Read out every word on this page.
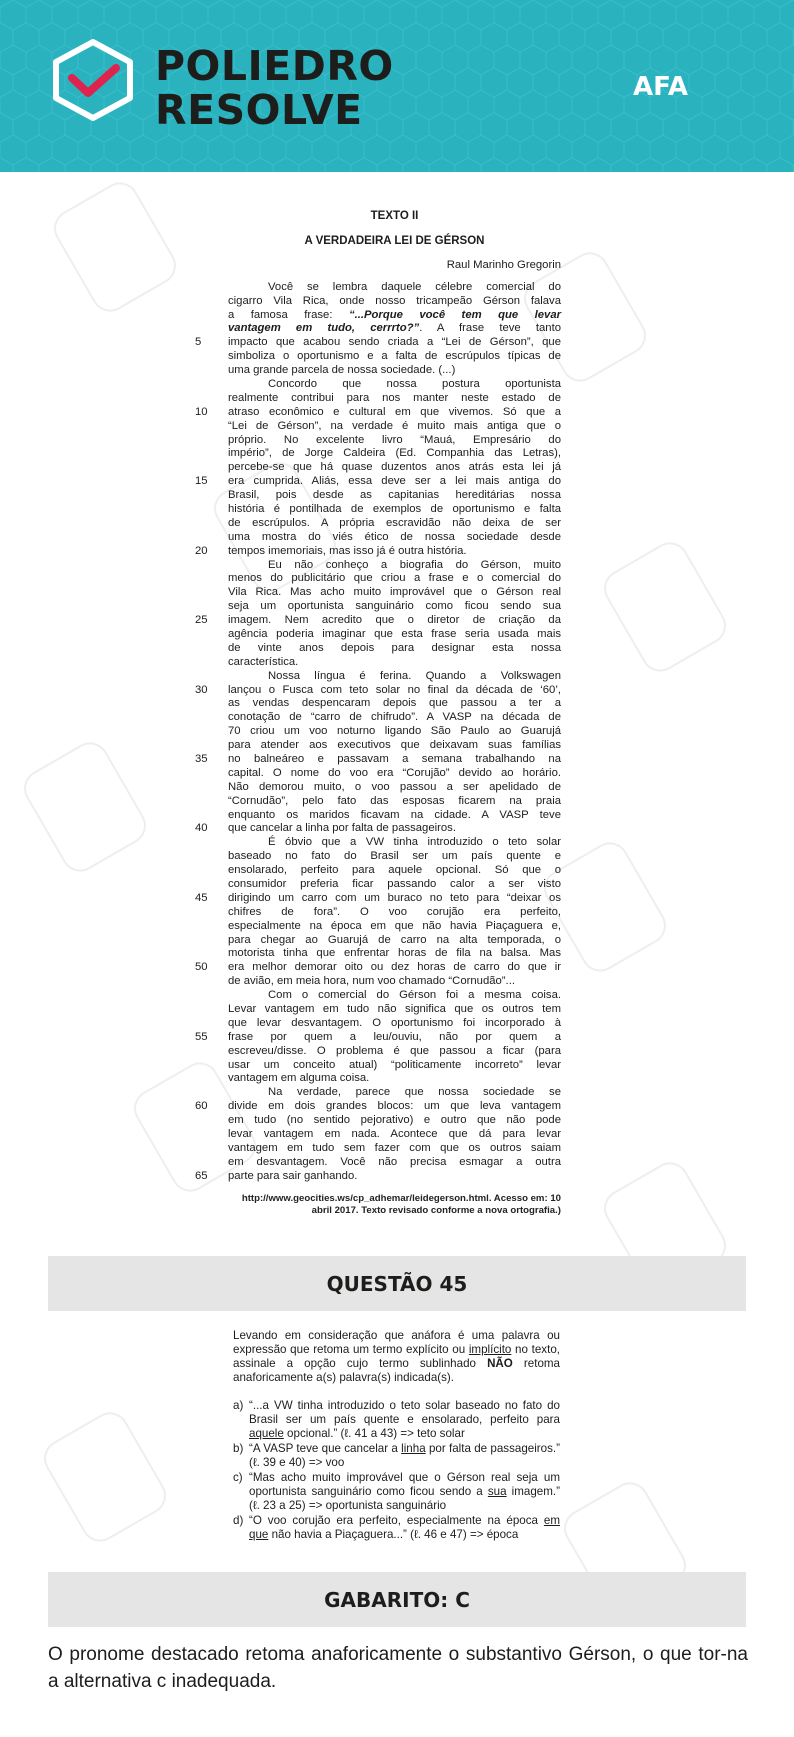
POLIEDRO
RESOLVE	AFA
TEXTO II
A VERDADEIRA LEI DE GÉRSON
Raul Marinho Gregorin
Você se lembra daquele célebre comercial do
cigarro Vila Rica, onde nosso tricampeão Gérson falava
a famosa frase: “...Porque você tem que levar
vantagem em tudo, cerrrto?”. A frase teve tanto
5	impacto que acabou sendo criada a “Lei de Gérson”, que
simboliza o oportunismo e a falta de escrúpulos típicas de
uma grande parcela de nossa sociedade. (...)
Concordo que nossa postura oportunista
realmente contribui para nos manter neste estado de
10	atraso econômico e cultural em que vivemos. Só que a
“Lei de Gérson”, na verdade é muito mais antiga que o
próprio. No excelente livro “Mauá, Empresário do
império”, de Jorge Caldeira (Ed. Companhia das Letras),
percebe-se que há quase duzentos anos atrás esta lei já
15	era cumprida. Aliás, essa deve ser a lei mais antiga do
Brasil, pois desde as capitanias hereditárias nossa
história é pontilhada de exemplos de oportunismo e falta
de escrúpulos. A própria escravidão não deixa de ser
uma mostra do viés ético de nossa sociedade desde
20	tempos imemoriais, mas isso já é outra história.
Eu não conheço a biografia do Gérson, muito
menos do publicitário que criou a frase e o comercial do
Vila Rica. Mas acho muito improvável que o Gérson real
seja um oportunista sanguinário como ficou sendo sua
25	imagem. Nem acredito que o diretor de criação da
agência poderia imaginar que esta frase seria usada mais
de vinte anos depois para designar esta nossa
característica.
Nossa língua é ferina. Quando a Volkswagen
30	lançou o Fusca com teto solar no final da década de ‘60’,
as vendas despencaram depois que passou a ter a
conotação de “carro de chifrudo”. A VASP na década de
70 criou um voo noturno ligando São Paulo ao Guarujá
para atender aos executivos que deixavam suas famílias
35	no balneáreo e passavam a semana trabalhando na
capital. O nome do voo era “Corujão” devido ao horário.
Não demorou muito, o voo passou a ser apelidado de
“Cornudão”, pelo fato das esposas ficarem na praia
enquanto os maridos ficavam na cidade. A VASP teve
40	que cancelar a linha por falta de passageiros.
É óbvio que a VW tinha introduzido o teto solar
baseado no fato do Brasil ser um país quente e
ensolarado, perfeito para aquele opcional. Só que o
consumidor preferia ficar passando calor a ser visto
45	dirigindo um carro com um buraco no teto para “deixar os
chifres de fora”. O voo corujão era perfeito,
especialmente na época em que não havia Piaçaguera e,
para chegar ao Guarujá de carro na alta temporada, o
motorista tinha que enfrentar horas de fila na balsa. Mas
50	era melhor demorar oito ou dez horas de carro do que ir
de avião, em meia hora, num voo chamado “Cornudão”...
Com o comercial do Gérson foi a mesma coisa.
Levar vantagem em tudo não significa que os outros tem
que levar desvantagem. O oportunismo foi incorporado à
55	frase por quem a leu/ouviu, não por quem a
escreveu/disse. O problema é que passou a ficar (para
usar um conceito atual) “politicamente incorreto” levar
vantagem em alguma coisa.
Na verdade, parece que nossa sociedade se
60	divide em dois grandes blocos: um que leva vantagem
em tudo (no sentido pejorativo) e outro que não pode
levar vantagem em nada. Acontece que dá para levar
vantagem em tudo sem fazer com que os outros saiam
em desvantagem. Você não precisa esmagar a outra
65	parte para sair ganhando.
http://www.geocities.ws/cp_adhemar/leidegerson.html. Acesso em: 10
abril 2017. Texto revisado conforme a nova ortografia.)
QUESTÃO 45
Levando em consideração que anáfora é uma palavra ou expressão que retoma um termo explícito ou implícito no texto, assinale a opção cujo termo sublinhado NÃO retoma anaforicamente a(s) palavra(s) indicada(s).
a) “...a VW tinha introduzido o teto solar baseado no fato do Brasil ser um país quente e ensolarado, perfeito para aquele opcional.” (ℓ. 41 a 43) => teto solar
b) “A VASP teve que cancelar a linha por falta de passageiros.” (ℓ. 39 e 40) => voo
c) “Mas acho muito improvável que o Gérson real seja um oportunista sanguinário como ficou sendo a sua imagem.” (ℓ. 23 a 25) => oportunista sanguinário
d) “O voo corujão era perfeito, especialmente na época em que não havia a Piaçaguera...” (ℓ. 46 e 47) => época
GABARITO: C
O pronome destacado retoma anaforicamente o substantivo Gérson, o que tor-na a alternativa c inadequada.
